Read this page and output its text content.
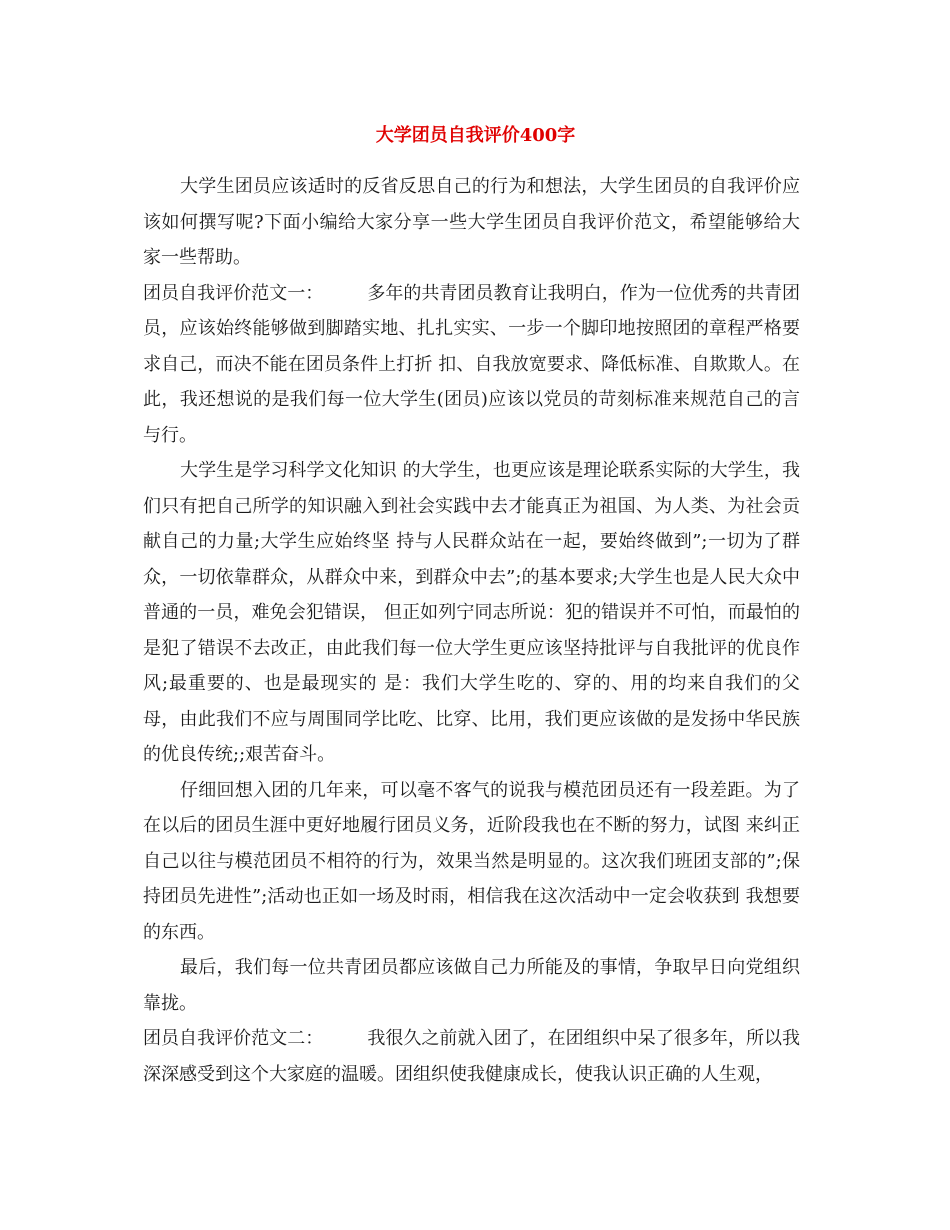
大学团员自我评价400字

大学生团员应该适时的反省反思自己的行为和想法，大学生团员的自我评价应该如何撰写呢?下面小编给大家分享一些大学生团员自我评价范文，希望能够给大家一些帮助。

团员自我评价范文一： 多年的共青团员教育让我明白，作为一位优秀的共青团员，应该始终能够做到脚踏实地、扎扎实实、一步一个脚印地按照团的章程严格要求自己，而决不能在团员条件上打折 扣、自我放宽要求、降低标准、自欺欺人。在此，我还想说的是我们每一位大学生(团员)应该以党员的苛刻标准来规范自己的言与行。

大学生是学习科学文化知识 的大学生，也更应该是理论联系实际的大学生，我们只有把自己所学的知识融入到社会实践中去才能真正为祖国、为人类、为社会贡献自己的力量;大学生应始终坚 持与人民群众站在一起，要始终做到”;一切为了群众，一切依靠群众，从群众中来，到群众中去”;的基本要求;大学生也是人民大众中普通的一员，难免会犯错误， 但正如列宁同志所说：犯的错误并不可怕，而最怕的是犯了错误不去改正，由此我们每一位大学生更应该坚持批评与自我批评的优良作风;最重要的、也是最现实的 是：我们大学生吃的、穿的、用的均来自我们的父母，由此我们不应与周围同学比吃、比穿、比用，我们更应该做的是发扬中华民族的优良传统;;艰苦奋斗。

仔细回想入团的几年来，可以毫不客气的说我与模范团员还有一段差距。为了在以后的团员生涯中更好地履行团员义务，近阶段我也在不断的努力，试图 来纠正自己以往与模范团员不相符的行为，效果当然是明显的。这次我们班团支部的”;保持团员先进性”;活动也正如一场及时雨，相信我在这次活动中一定会收获到 我想要的东西。

最后，我们每一位共青团员都应该做自己力所能及的事情，争取早日向党组织靠拢。

团员自我评价范文二： 我很久之前就入团了，在团组织中呆了很多年，所以我深深感受到这个大家庭的温暖。团组织使我健康成长，使我认识正确的人生观，
